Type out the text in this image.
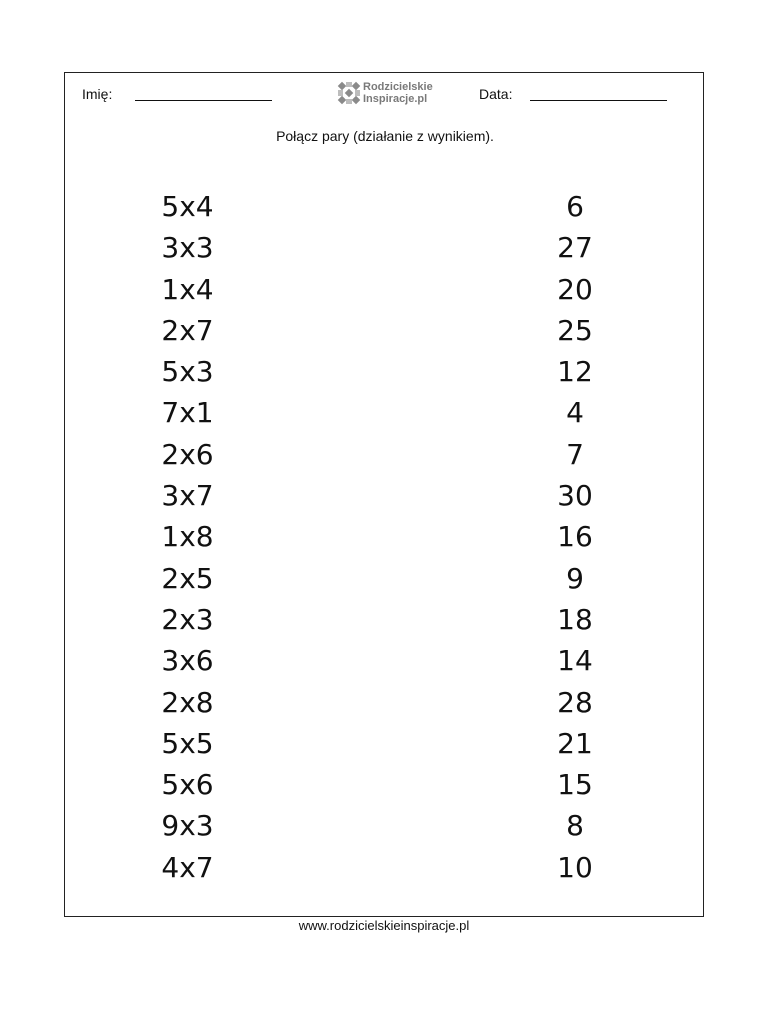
Imię:	Rodzicielskie
Inspiracje.pl	Data:
Połącz pary (działanie z wynikiem).
5x4
3x3
1x4
2x7
5x3
7x1
2x6
3x7
1x8
2x5
2x3
3x6
2x8
5x5
5x6
9x3
4x7
6
27
20
25
12
4
7
30
16
9
18
14
28
21
15
8
10
www.rodzicielskieinspiracje.pl
